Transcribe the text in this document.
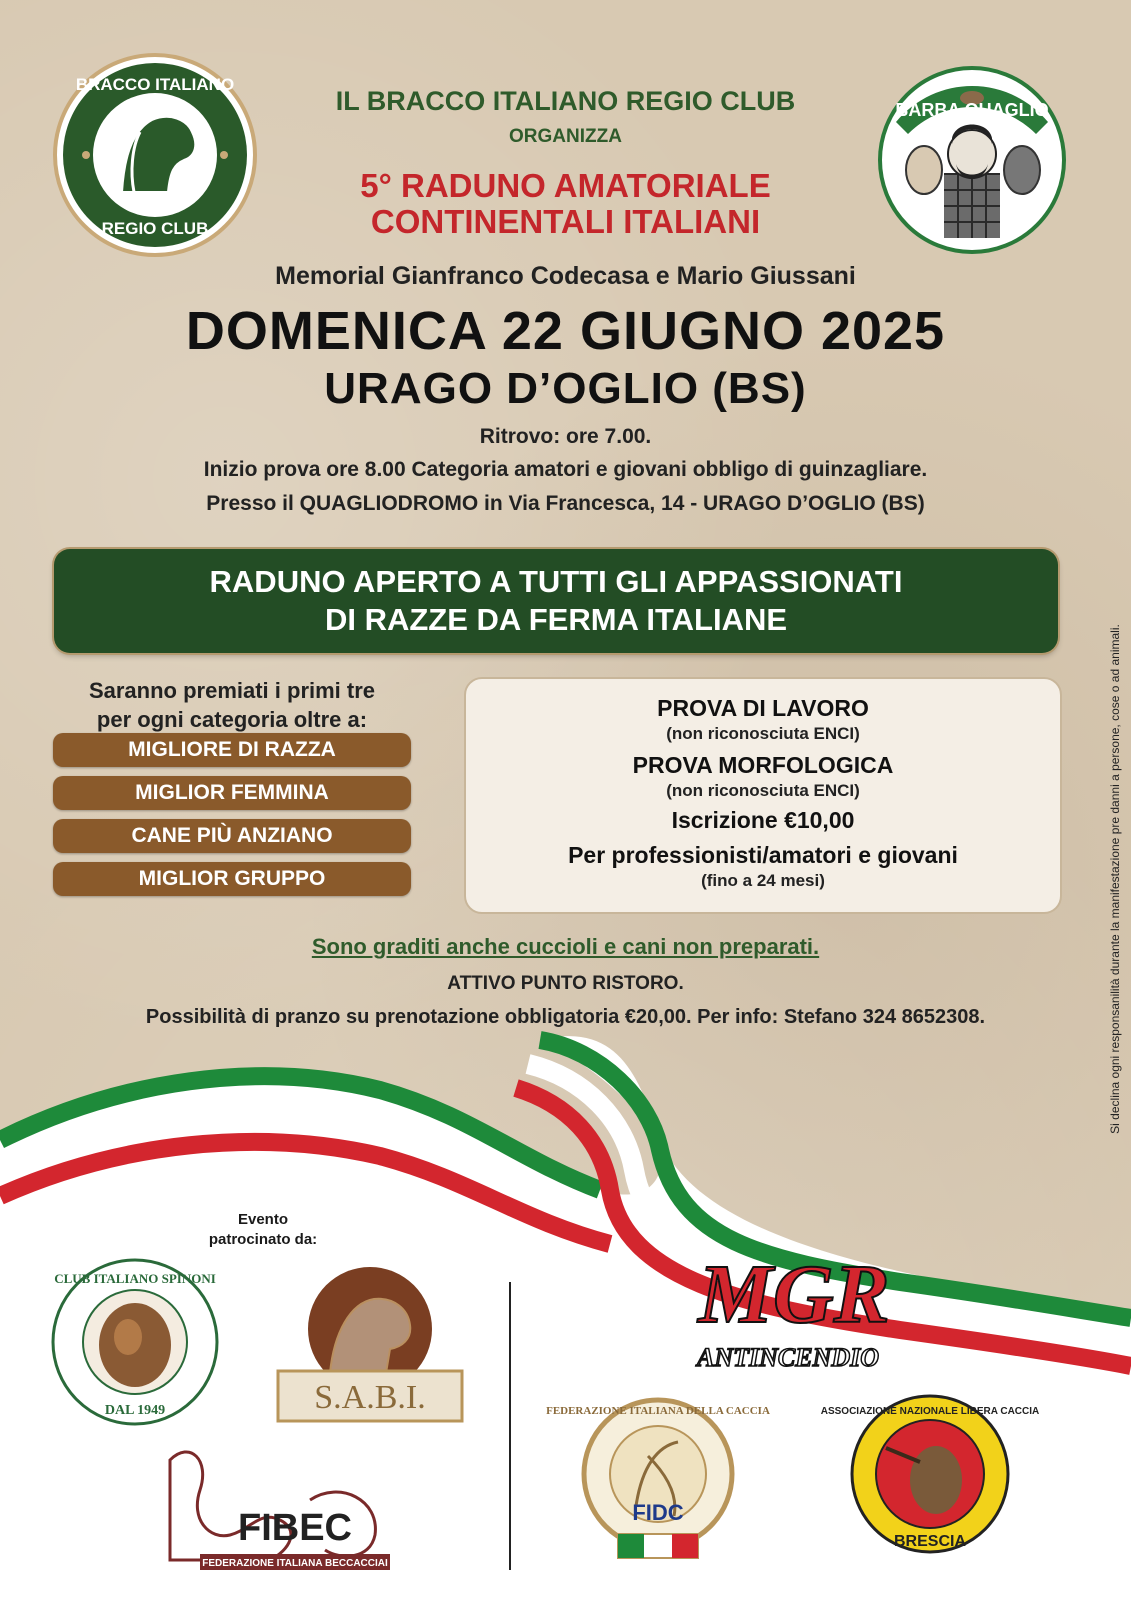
BRACCO ITALIANO
REGIO CLUB
BARBA QUAGLIO
IL BRACCO ITALIANO REGIO CLUB
ORGANIZZA
5° RADUNO AMATORIALE
CONTINENTALI ITALIANI
Memorial Gianfranco Codecasa e Mario Giussani
DOMENICA 22 GIUGNO 2025
URAGO D’OGLIO (BS)
Ritrovo: ore 7.00.
Inizio prova ore 8.00 Categoria amatori e giovani obbligo di guinzagliare.
Presso il QUAGLIODROMO in Via Francesca, 14 - URAGO D’OGLIO (BS)
RADUNO APERTO A TUTTI GLI APPASSIONATI
DI RAZZE DA FERMA ITALIANE
Saranno premiati i primi tre
per ogni categoria oltre a:
MIGLIORE DI RAZZA
MIGLIOR FEMMINA
CANE PIÙ ANZIANO
MIGLIOR GRUPPO
PROVA DI LAVORO
(non riconosciuta ENCI)
PROVA MORFOLOGICA
(non riconosciuta ENCI)
Iscrizione €10,00
Per professionisti/amatori e giovani
(fino a 24 mesi)
Sono graditi anche cuccioli e cani non preparati.
ATTIVO PUNTO RISTORO.
Possibilità di pranzo su prenotazione obbligatoria €20,00. Per info: Stefano 324 8652308.	Si declina ogni responsanilità durante la manifestazione pre danni a persone, cose o ad animali.
Evento
patrocinato da:
CLUB ITALIANO SPINONI
DAL 1949	S.A.B.I.
FIBEC
FEDERAZIONE ITALIANA BECCACCIAI
MGR
ANTINCENDIO
FEDERAZIONE ITALIANA DELLA CACCIA
FIDC
ASSOCIAZIONE NAZIONALE LIBERA CACCIA
BRESCIA
